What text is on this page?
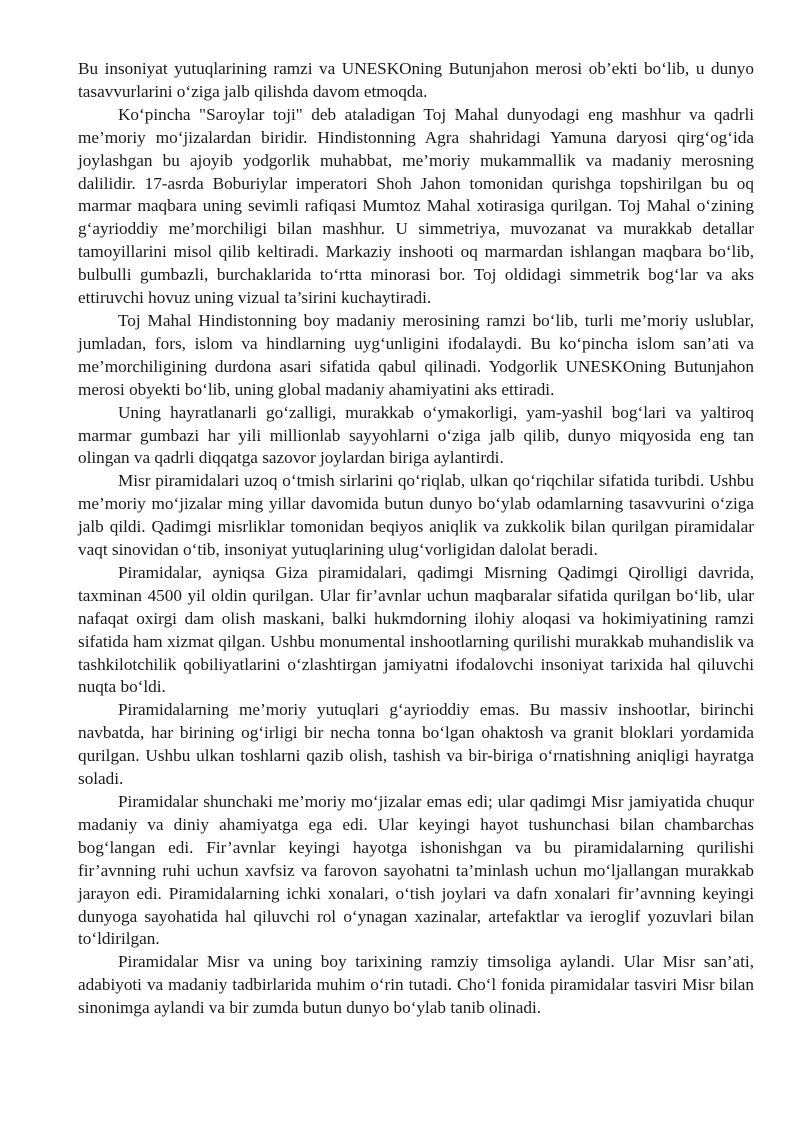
Bu insoniyat yutuqlarining ramzi va UNESKOning Butunjahon merosi ob’ekti bo‘lib, u dunyo tasavvurlarini o‘ziga jalb qilishda davom etmoqda.

Ko‘pincha "Saroylar toji" deb ataladigan Toj Mahal dunyodagi eng mashhur va qadrli me’moriy mo‘jizalardan biridir. Hindistonning Agra shahridagi Yamuna daryosi qirg‘og‘ida joylashgan bu ajoyib yodgorlik muhabbat, me’moriy mukammallik va madaniy merosning dalilidir. 17-asrda Boburiylar imperatori Shoh Jahon tomonidan qurishga topshirilgan bu oq marmar maqbara uning sevimli rafiqasi Mumtoz Mahal xotirasiga qurilgan. Toj Mahal o‘zining g‘ayrioddiy me’morchiligi bilan mashhur. U simmetriya, muvozanat va murakkab detallar tamoyillarini misol qilib keltiradi. Markaziy inshooti oq marmardan ishlangan maqbara bo‘lib, bulbulli gumbazli, burchaklarida to‘rtta minorasi bor. Toj oldidagi simmetrik bog‘lar va aks ettiruvchi hovuz uning vizual ta’sirini kuchaytiradi.

Toj Mahal Hindistonning boy madaniy merosining ramzi bo‘lib, turli me’moriy uslublar, jumladan, fors, islom va hindlarning uyg‘unligini ifodalaydi. Bu ko‘pincha islom san’ati va me’morchiligining durdona asari sifatida qabul qilinadi. Yodgorlik UNESKOning Butunjahon merosi obyekti bo‘lib, uning global madaniy ahamiyatini aks ettiradi.

Uning hayratlanarli go‘zalligi, murakkab o‘ymakorligi, yam-yashil bog‘lari va yaltiroq marmar gumbazi har yili millionlab sayyohlarni o‘ziga jalb qilib, dunyo miqyosida eng tan olingan va qadrli diqqatga sazovor joylardan biriga aylantirdi.

Misr piramidalari uzoq o‘tmish sirlarini qo‘riqlab, ulkan qo‘riqchilar sifatida turibdi. Ushbu me’moriy mo‘jizalar ming yillar davomida butun dunyo bo‘ylab odamlarning tasavvurini o‘ziga jalb qildi. Qadimgi misrliklar tomonidan beqiyos aniqlik va zukkolik bilan qurilgan piramidalar vaqt sinovidan o‘tib, insoniyat yutuqlarining ulug‘vorligidan dalolat beradi.

Piramidalar, ayniqsa Giza piramidalari, qadimgi Misrning Qadimgi Qirolligi davrida, taxminan 4500 yil oldin qurilgan. Ular fir’avnlar uchun maqbaralar sifatida qurilgan bo‘lib, ular nafaqat oxirgi dam olish maskani, balki hukmdorning ilohiy aloqasi va hokimiyatining ramzi sifatida ham xizmat qilgan. Ushbu monumental inshootlarning qurilishi murakkab muhandislik va tashkilotchilik qobiliyatlarini o‘zlashtirgan jamiyatni ifodalovchi insoniyat tarixida hal qiluvchi nuqta bo‘ldi.

Piramidalarning me’moriy yutuqlari g‘ayrioddiy emas. Bu massiv inshootlar, birinchi navbatda, har birining og‘irligi bir necha tonna bo‘lgan ohaktosh va granit bloklari yordamida qurilgan. Ushbu ulkan toshlarni qazib olish, tashish va bir-biriga o‘rnatishning aniqligi hayratga soladi.

Piramidalar shunchaki me’moriy mo‘jizalar emas edi; ular qadimgi Misr jamiyatida chuqur madaniy va diniy ahamiyatga ega edi. Ular keyingi hayot tushunchasi bilan chambarchas bog‘langan edi. Fir’avnlar keyingi hayotga ishonishgan va bu piramidalarning qurilishi fir’avnning ruhi uchun xavfsiz va farovon sayohatni ta’minlash uchun mo‘ljallangan murakkab jarayon edi. Piramidalarning ichki xonalari, o‘tish joylari va dafn xonalari fir’avnning keyingi dunyoga sayohatida hal qiluvchi rol o‘ynagan xazinalar, artefaktlar va ieroglif yozuvlari bilan to‘ldirilgan.

Piramidalar Misr va uning boy tarixining ramziy timsoliga aylandi. Ular Misr san’ati, adabiyoti va madaniy tadbirlarida muhim o‘rin tutadi. Cho‘l fonida piramidalar tasviri Misr bilan sinonimga aylandi va bir zumda butun dunyo bo‘ylab tanib olinadi.
